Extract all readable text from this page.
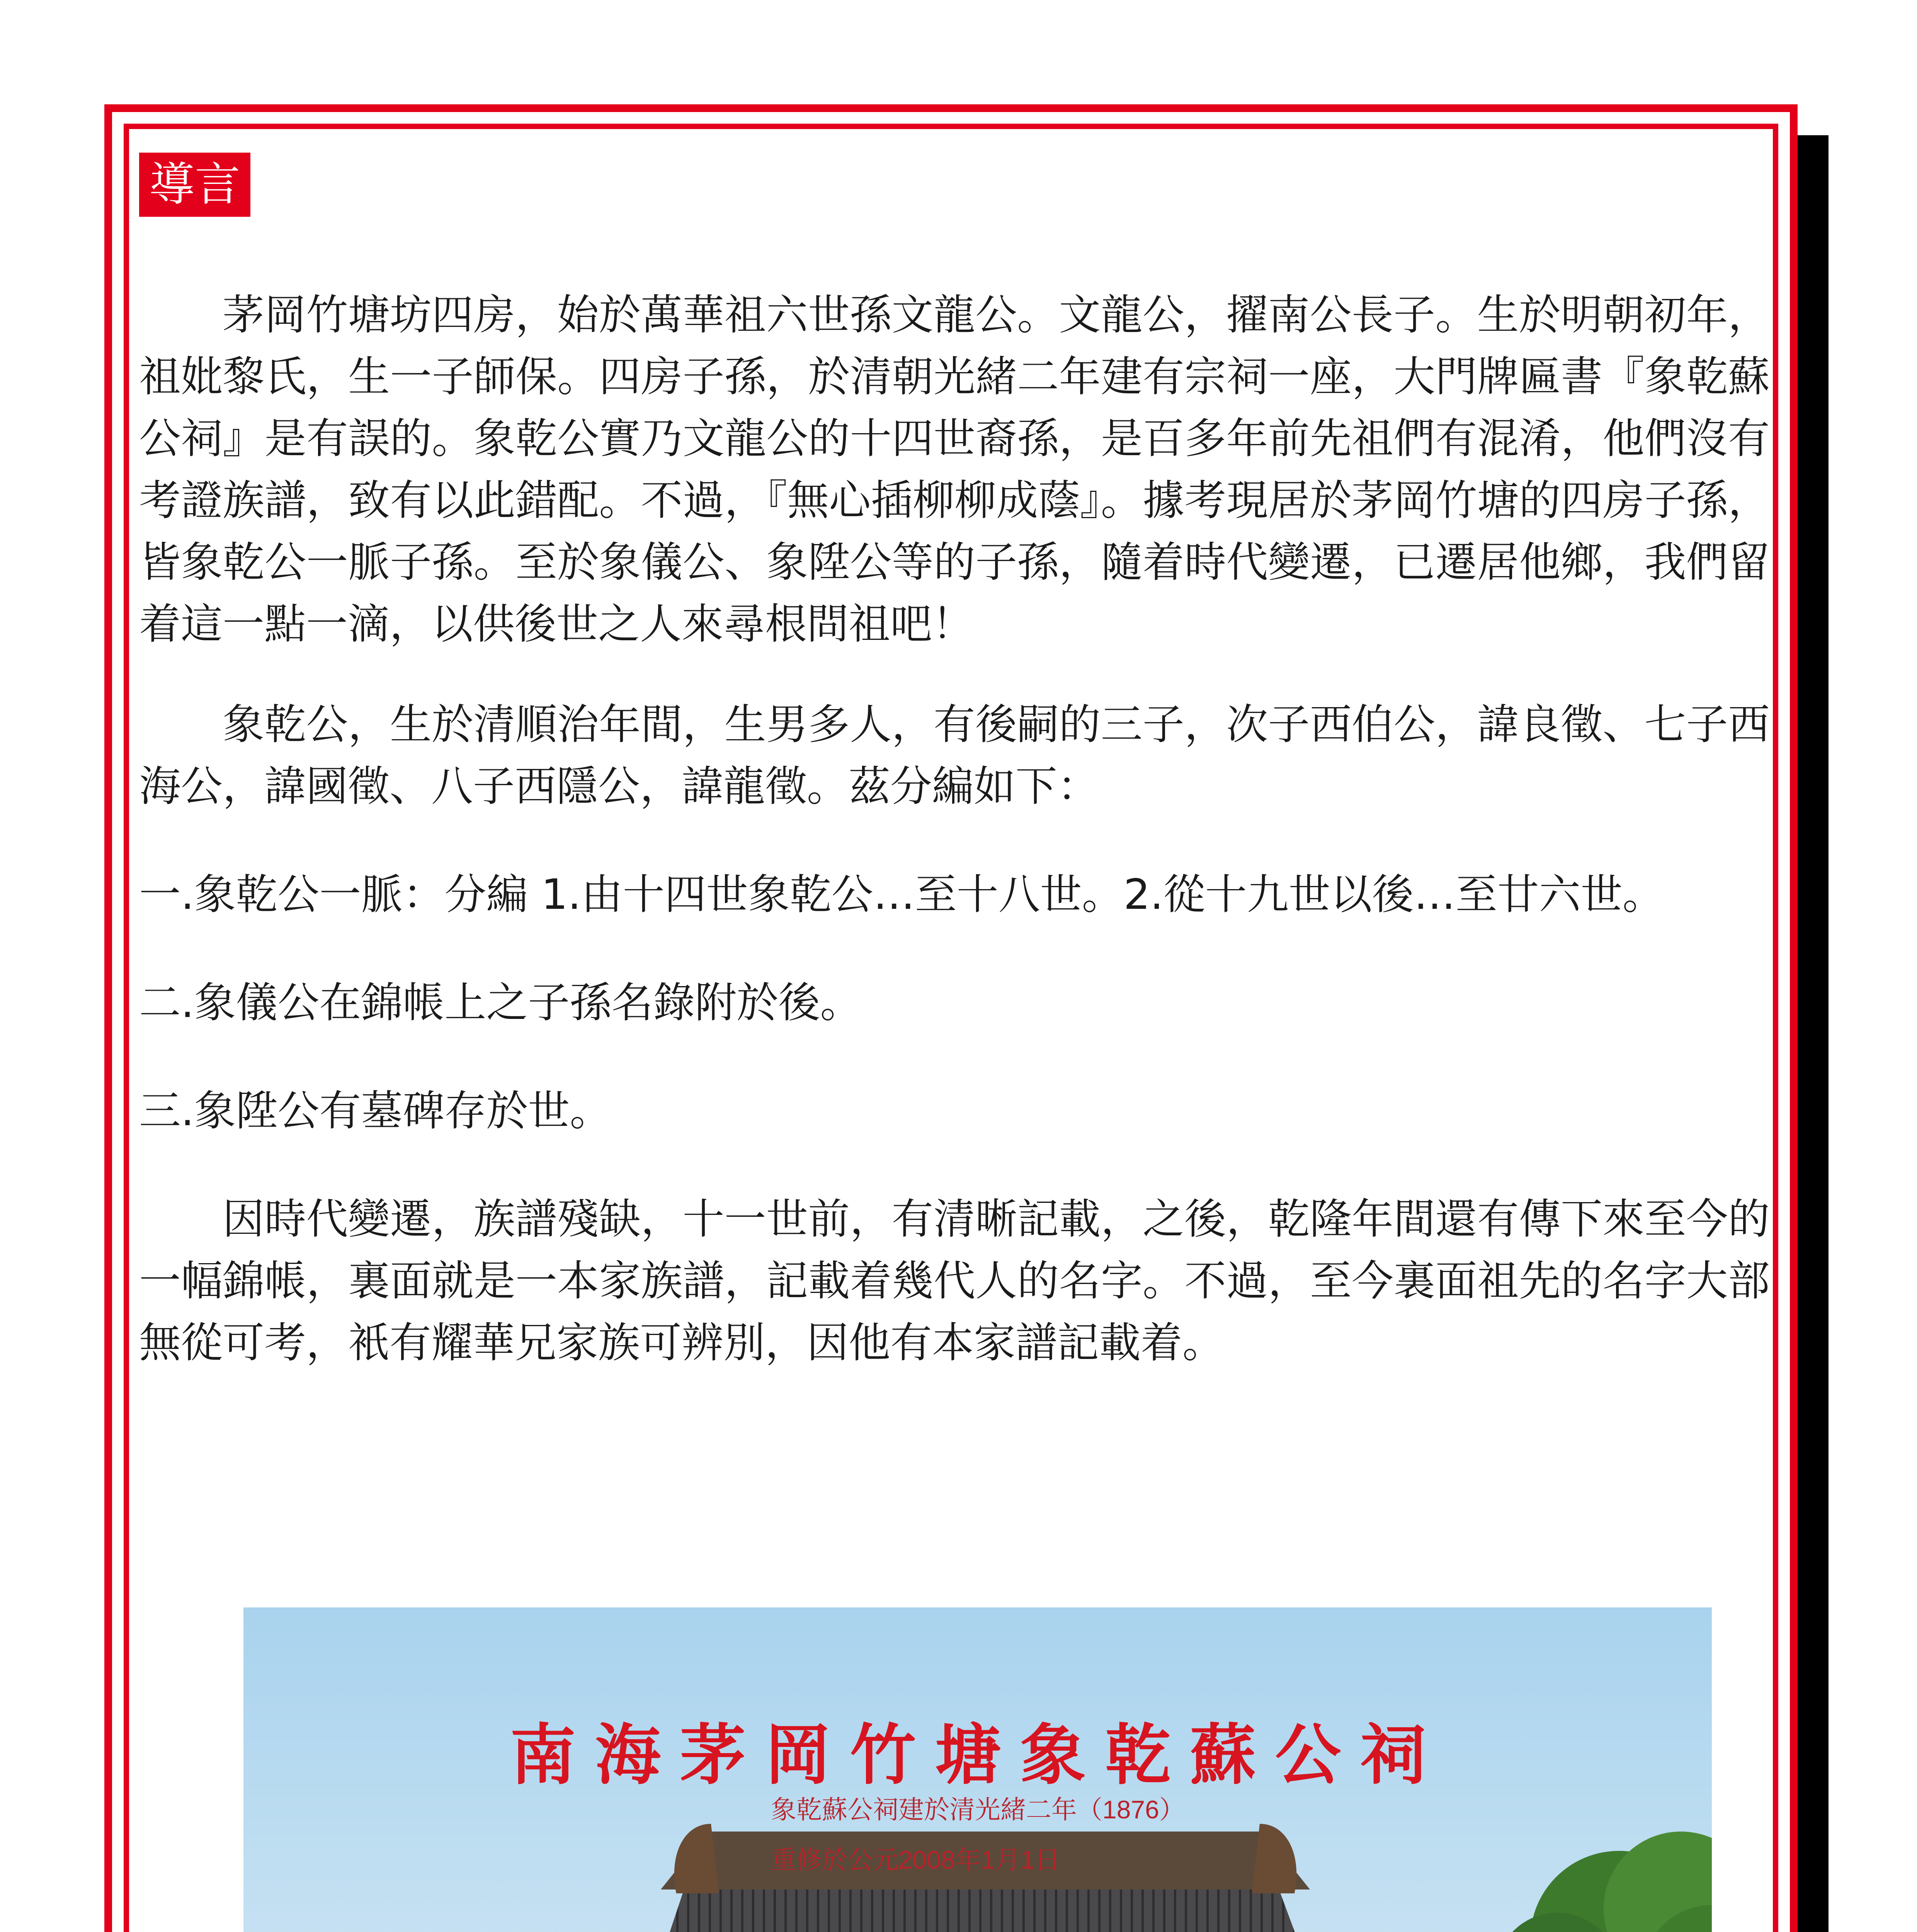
導言

茅岡竹塘坊四房，始於萬華祖六世孫文龍公。文龍公，擢南公長子。生於明朝初年，祖妣黎氏，生一子師保。四房子孫，於清朝光緒二年建有宗祠一座，大門牌匾書『象乾蘇公祠』是有誤的。象乾公實乃文龍公的十四世裔孫，是百多年前先祖們有混淆，他們沒有考證族譜，致有以此錯配。不過，『無心插柳柳成蔭』。據考現居於茅岡竹塘的四房子孫，皆象乾公一脈子孫。至於象儀公、象陞公等的子孫，隨着時代變遷，已遷居他鄉，我們留着這一點一滴，以供後世之人來尋根問祖吧！

象乾公，生於清順治年間，生男多人，有後嗣的三子，次子西伯公，諱良徵、七子西海公，諱國徵、八子西隱公，諱龍徵。茲分編如下：

一.象乾公一脈：分編 1.由十四世象乾公…至十八世。2.從十九世以後…至廿六世。

二.象儀公在錦帳上之子孫名錄附於後。

三.象陞公有墓碑存於世。

因時代變遷，族譜殘缺，十一世前，有清晰記載，之後，乾隆年間還有傳下來至今的一幅錦帳，裏面就是一本家族譜，記載着幾代人的名字。不過，至今裏面祖先的名字大部無從可考，衹有耀華兄家族可辨別，因他有本家譜記載着。

南海茅岡竹塘象乾蘇公祠
象乾蘇公祠建於清光緒二年（1876）
重修於公元2008年1月1日
